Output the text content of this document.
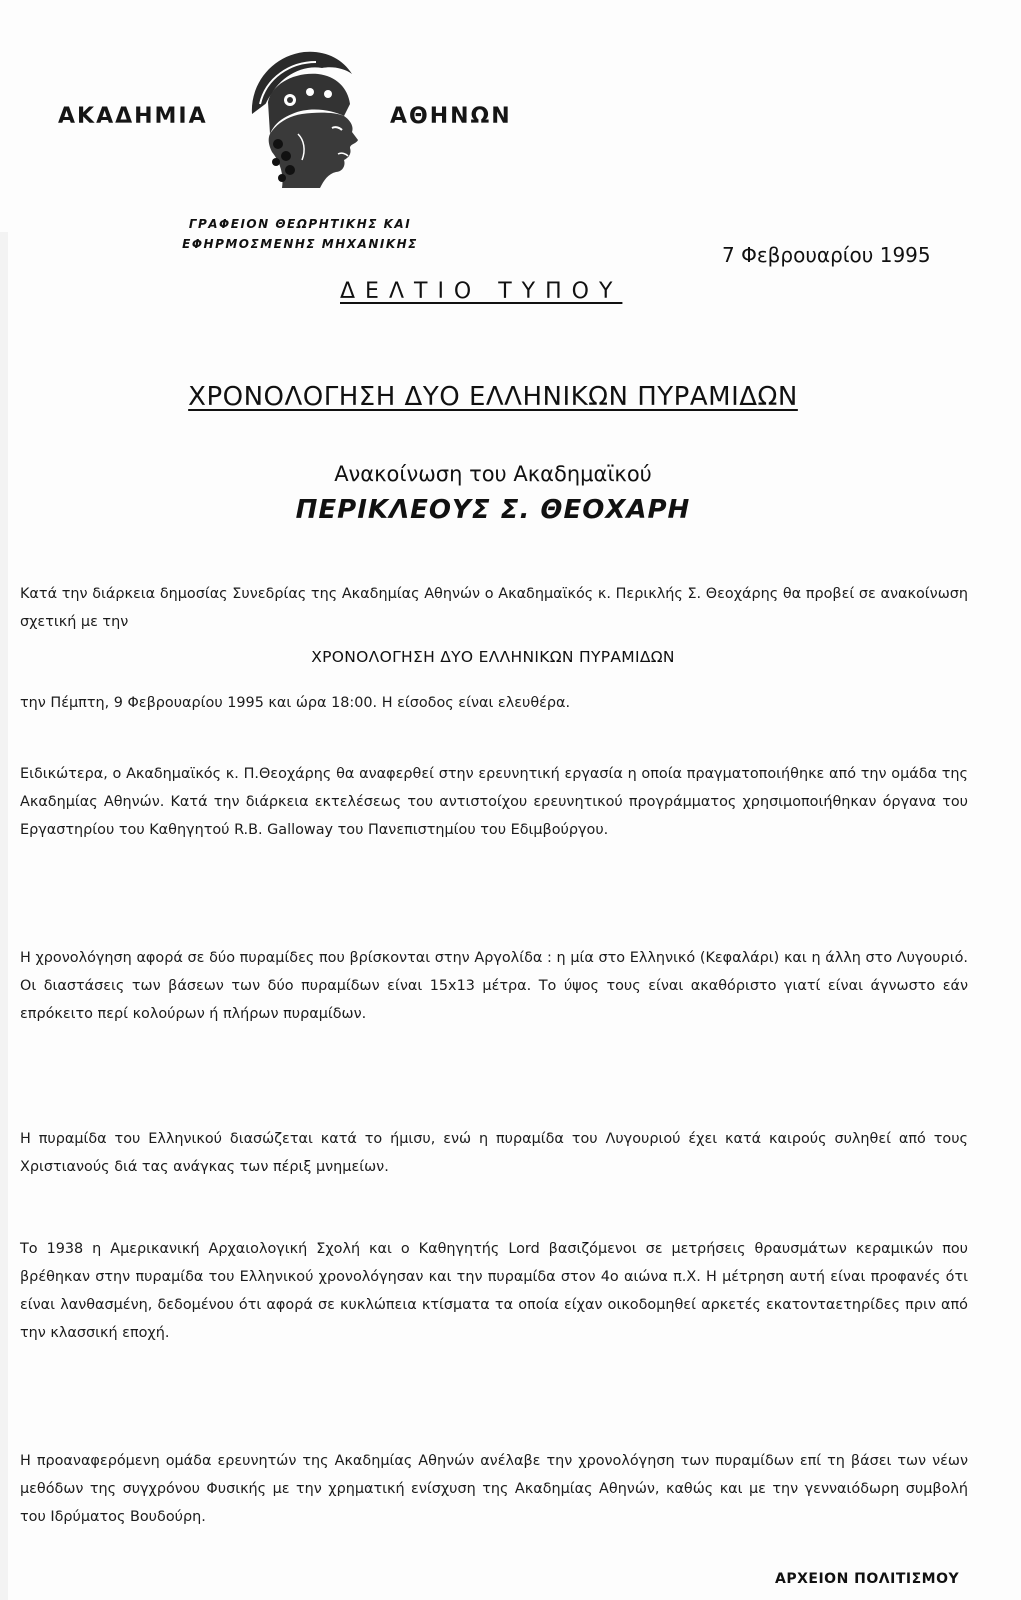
ΑΚΑΔΗΜΙΑ	ΑΘΗΝΩΝ
ΓΡΑΦΕΙΟΝ ΘΕΩΡΗΤΙΚΗΣ ΚΑΙ
ΕΦΗΡΜΟΣΜΕΝΗΣ ΜΗΧΑΝΙΚΗΣ	7 Φεβρουαρίου 1995
ΔΕΛΤΙΟ ΤΥΠΟΥ
ΧΡΟΝΟΛΟΓΗΣΗ ΔΥΟ ΕΛΛΗΝΙΚΩΝ ΠΥΡΑΜΙΔΩΝ
Ανακοίνωση του Ακαδημαϊκού
ΠΕΡΙΚΛΕΟΥΣ Σ. ΘΕΟΧΑΡΗ
Κατά την διάρκεια δημοσίας Συνεδρίας της Ακαδημίας Αθηνών ο Ακαδημαϊκός κ. Περικλής Σ. Θεοχάρης θα προβεί σε ανακοίνωση σχετική με την
ΧΡΟΝΟΛΟΓΗΣΗ ΔΥΟ ΕΛΛΗΝΙΚΩΝ ΠΥΡΑΜΙΔΩΝ
την Πέμπτη, 9 Φεβρουαρίου 1995 και ώρα 18:00. Η είσοδος είναι ελευθέρα.
Ειδικώτερα, ο Ακαδημαϊκός κ. Π.Θεοχάρης θα αναφερθεί στην ερευνητική εργασία η οποία πραγματοποιήθηκε από την ομάδα της Ακαδημίας Αθηνών. Κατά την διάρκεια εκτελέσεως του αντιστοίχου ερευνητικού προγράμματος χρησιμοποιήθηκαν όργανα του Εργαστηρίου του Καθηγητού R.B. Galloway του Πανεπιστημίου του Εδιμβούργου.
Η χρονολόγηση αφορά σε δύο πυραμίδες που βρίσκονται στην Αργολίδα : η μία στο Ελληνικό (Κεφαλάρι) και η άλλη στο Λυγουριό. Οι διαστάσεις των βάσεων των δύο πυραμίδων είναι 15x13 μέτρα. Το ύψος τους είναι ακαθόριστο γιατί είναι άγνωστο εάν επρόκειτο περί κολούρων ή πλήρων πυραμίδων.
Η πυραμίδα του Ελληνικού διασώζεται κατά το ήμισυ, ενώ η πυραμίδα του Λυγουριού έχει κατά καιρούς συληθεί από τους Χριστιανούς διά τας ανάγκας των πέριξ μνημείων.
Το 1938 η Αμερικανική Αρχαιολογική Σχολή και ο Καθηγητής Lord βασιζόμενοι σε μετρήσεις θραυσμάτων κεραμικών που βρέθηκαν στην πυραμίδα του Ελληνικού χρονολόγησαν και την πυραμίδα στον 4ο αιώνα π.Χ. Η μέτρηση αυτή είναι προφανές ότι είναι λανθασμένη, δεδομένου ότι αφορά σε κυκλώπεια κτίσματα τα οποία είχαν οικοδομηθεί αρκετές εκατονταετηρίδες πριν από την κλασσική εποχή.
Η προαναφερόμενη ομάδα ερευνητών της Ακαδημίας Αθηνών ανέλαβε την χρονολόγηση των πυραμίδων επί τη βάσει των νέων μεθόδων της συγχρόνου Φυσικής με την χρηματική ενίσχυση της Ακαδημίας Αθηνών, καθώς και με την γενναιόδωρη συμβολή του Ιδρύματος Βουδούρη.
ΑΡΧΕΙΟΝ ΠΟΛΙΤΙΣΜΟΥ
